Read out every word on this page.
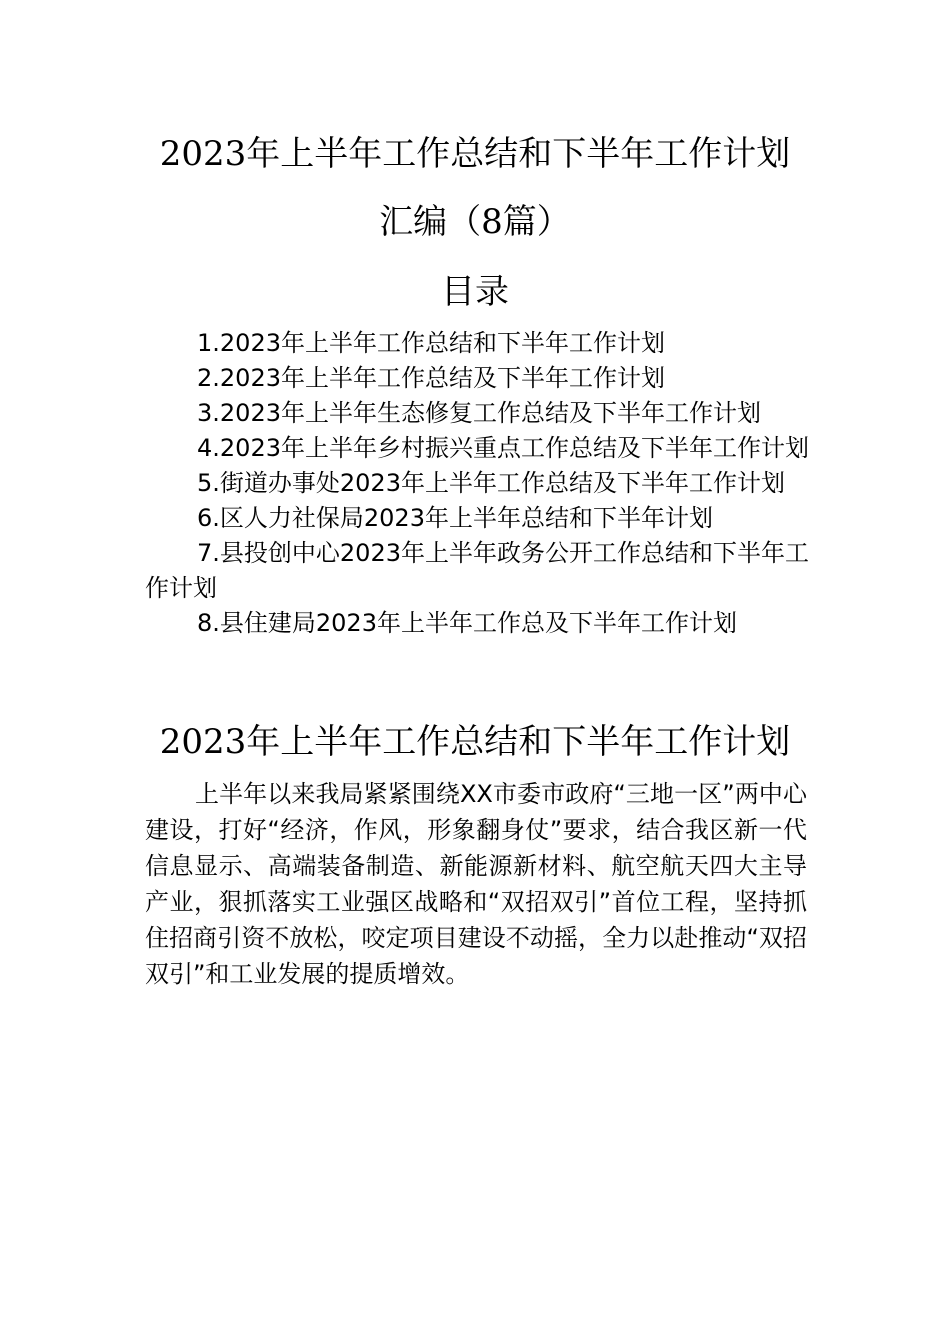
2023年上半年工作总结和下半年工作计划
汇编（8篇）
目录
1.2023年上半年工作总结和下半年工作计划
2.2023年上半年工作总结及下半年工作计划
3.2023年上半年生态修复工作总结及下半年工作计划
4.2023年上半年乡村振兴重点工作总结及下半年工作计划
5.街道办事处2023年上半年工作总结及下半年工作计划
6.区人力社保局2023年上半年总结和下半年计划
7.县投创中心2023年上半年政务公开工作总结和下半年工作计划
8.县住建局2023年上半年工作总及下半年工作计划
2023年上半年工作总结和下半年工作计划

上半年以来我局紧紧围绕XX市委市政府“三地一区”两中心建设，打好“经济，作风，形象翻身仗”要求，结合我区新一代信息显示、高端装备制造、新能源新材料、航空航天四大主导产业，狠抓落实工业强区战略和“双招双引”首位工程，坚持抓住招商引资不放松，咬定项目建设不动摇，全力以赴推动“双招双引”和工业发展的提质增效。
